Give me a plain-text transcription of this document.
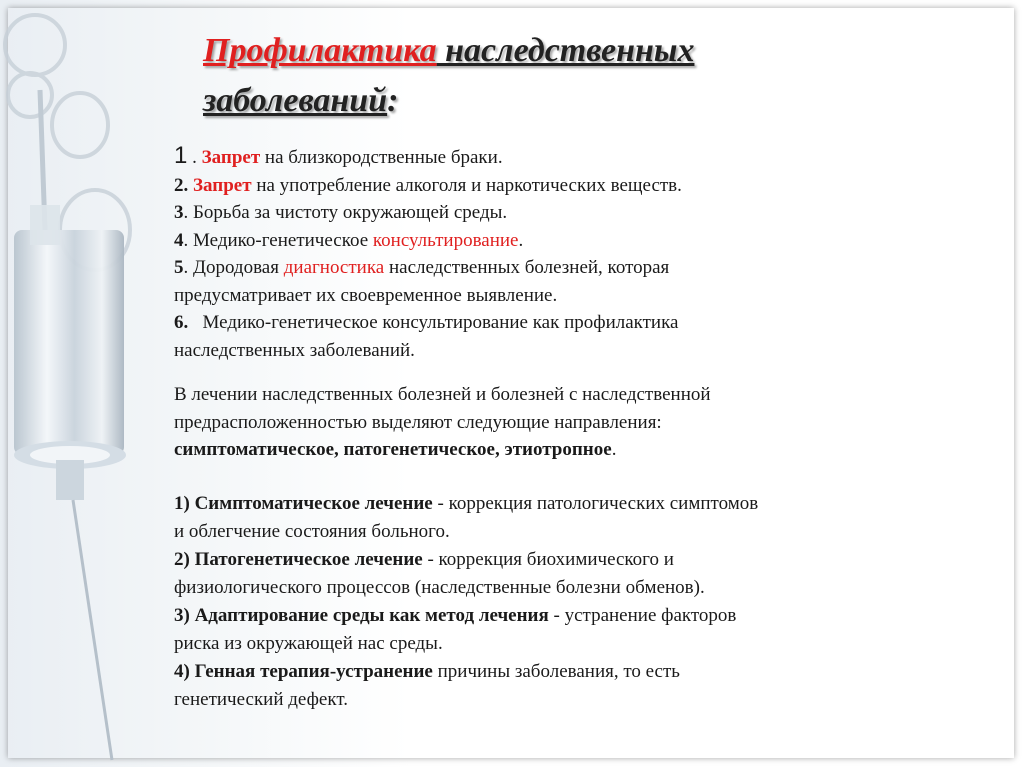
Профилактика наследственных
заболеваний:
1 . Запрет на близкородственные браки.
2. Запрет на употребление алкоголя и наркотических веществ.
3. Борьба за чистоту окружающей среды.
4. Медико-генетическое консультирование.
5. Дородовая диагностика наследственных болезней, которая
предусматривает их своевременное выявление.
6.   Медико-генетическое консультирование как профилактика
наследственных заболеваний.
В лечении наследственных болезней и болезней с наследственной
предрасположенностью выделяют следующие направления:
симптоматическое, патогенетическое, этиотропное.
1) Симптоматическое лечение - коррекция патологических симптомов
и облегчение состояния больного.
2) Патогенетическое лечение - коррекция биохимического и
физиологического процессов (наследственные болезни обменов).
3) Адаптирование среды как метод лечения - устранение факторов
риска из окружающей нас среды.
4) Генная терапия-устранение причины заболевания, то есть
генетический дефект.
